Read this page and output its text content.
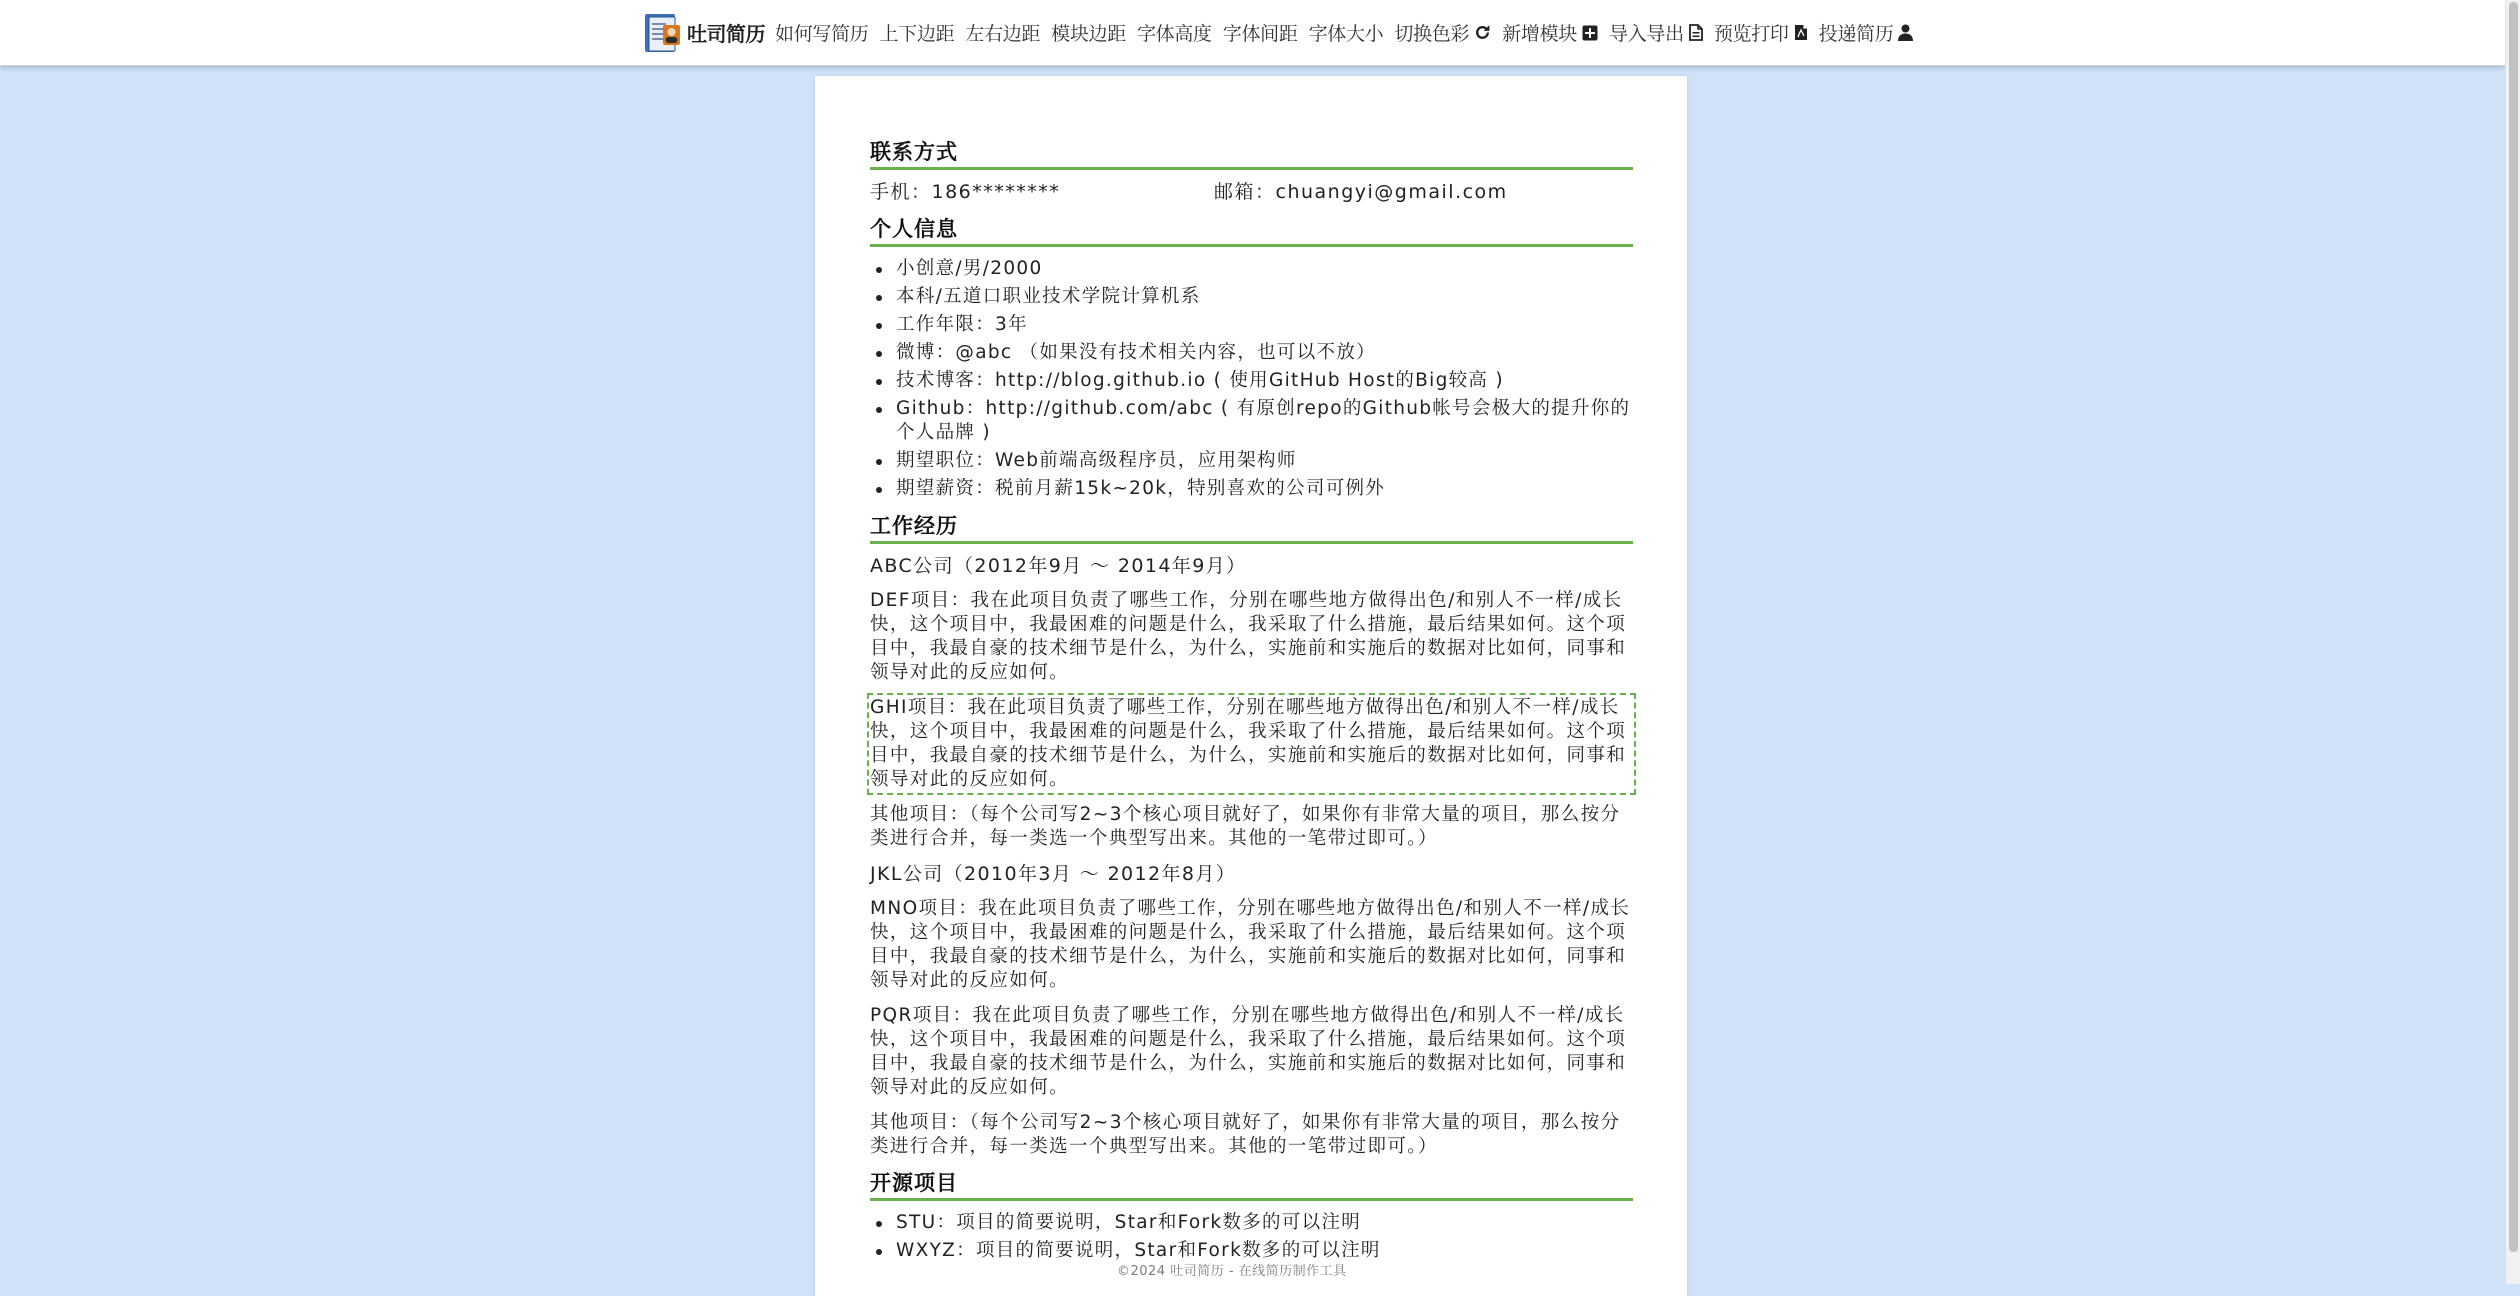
吐司简历 如何写简历 上下边距 左右边距 模块边距 字体高度 字体间距 字体大小 切换色彩 新增模块 导入导出 预览打印 投递简历
联系方式
手机：186********	邮箱：chuangyi@gmail.com
个人信息
小创意/男/2000
本科/五道口职业技术学院计算机系
工作年限：3年
微博：@abc （如果没有技术相关内容，也可以不放）
技术博客：http://blog.github.io ( 使用GitHub Host的Big较高 )
Github：http://github.com/abc ( 有原创repo的Github帐号会极大的提升你的个人品牌 )
期望职位：Web前端高级程序员，应用架构师
期望薪资：税前月薪15k~20k，特别喜欢的公司可例外
工作经历
ABC公司（2012年9月 ～ 2014年9月）
DEF项目：我在此项目负责了哪些工作，分别在哪些地方做得出色/和别人不一样/成长快，这个项目中，我最困难的问题是什么，我采取了什么措施，最后结果如何。这个项目中，我最自豪的技术细节是什么，为什么，实施前和实施后的数据对比如何，同事和领导对此的反应如何。
GHI项目：我在此项目负责了哪些工作，分别在哪些地方做得出色/和别人不一样/成长快，这个项目中，我最困难的问题是什么，我采取了什么措施，最后结果如何。这个项目中，我最自豪的技术细节是什么，为什么，实施前和实施后的数据对比如何，同事和领导对此的反应如何。
其他项目：（每个公司写2~3个核心项目就好了，如果你有非常大量的项目，那么按分类进行合并，每一类选一个典型写出来。其他的一笔带过即可。）
JKL公司（2010年3月 ～ 2012年8月）
MNO项目：我在此项目负责了哪些工作，分别在哪些地方做得出色/和别人不一样/成长快，这个项目中，我最困难的问题是什么，我采取了什么措施，最后结果如何。这个项目中，我最自豪的技术细节是什么，为什么，实施前和实施后的数据对比如何，同事和领导对此的反应如何。
PQR项目：我在此项目负责了哪些工作，分别在哪些地方做得出色/和别人不一样/成长快，这个项目中，我最困难的问题是什么，我采取了什么措施，最后结果如何。这个项目中，我最自豪的技术细节是什么，为什么，实施前和实施后的数据对比如何，同事和领导对此的反应如何。
其他项目：（每个公司写2~3个核心项目就好了，如果你有非常大量的项目，那么按分类进行合并，每一类选一个典型写出来。其他的一笔带过即可。）
开源项目
STU：项目的简要说明，Star和Fork数多的可以注明
WXYZ：项目的简要说明，Star和Fork数多的可以注明
©2024 吐司简历 - 在线简历制作工具
